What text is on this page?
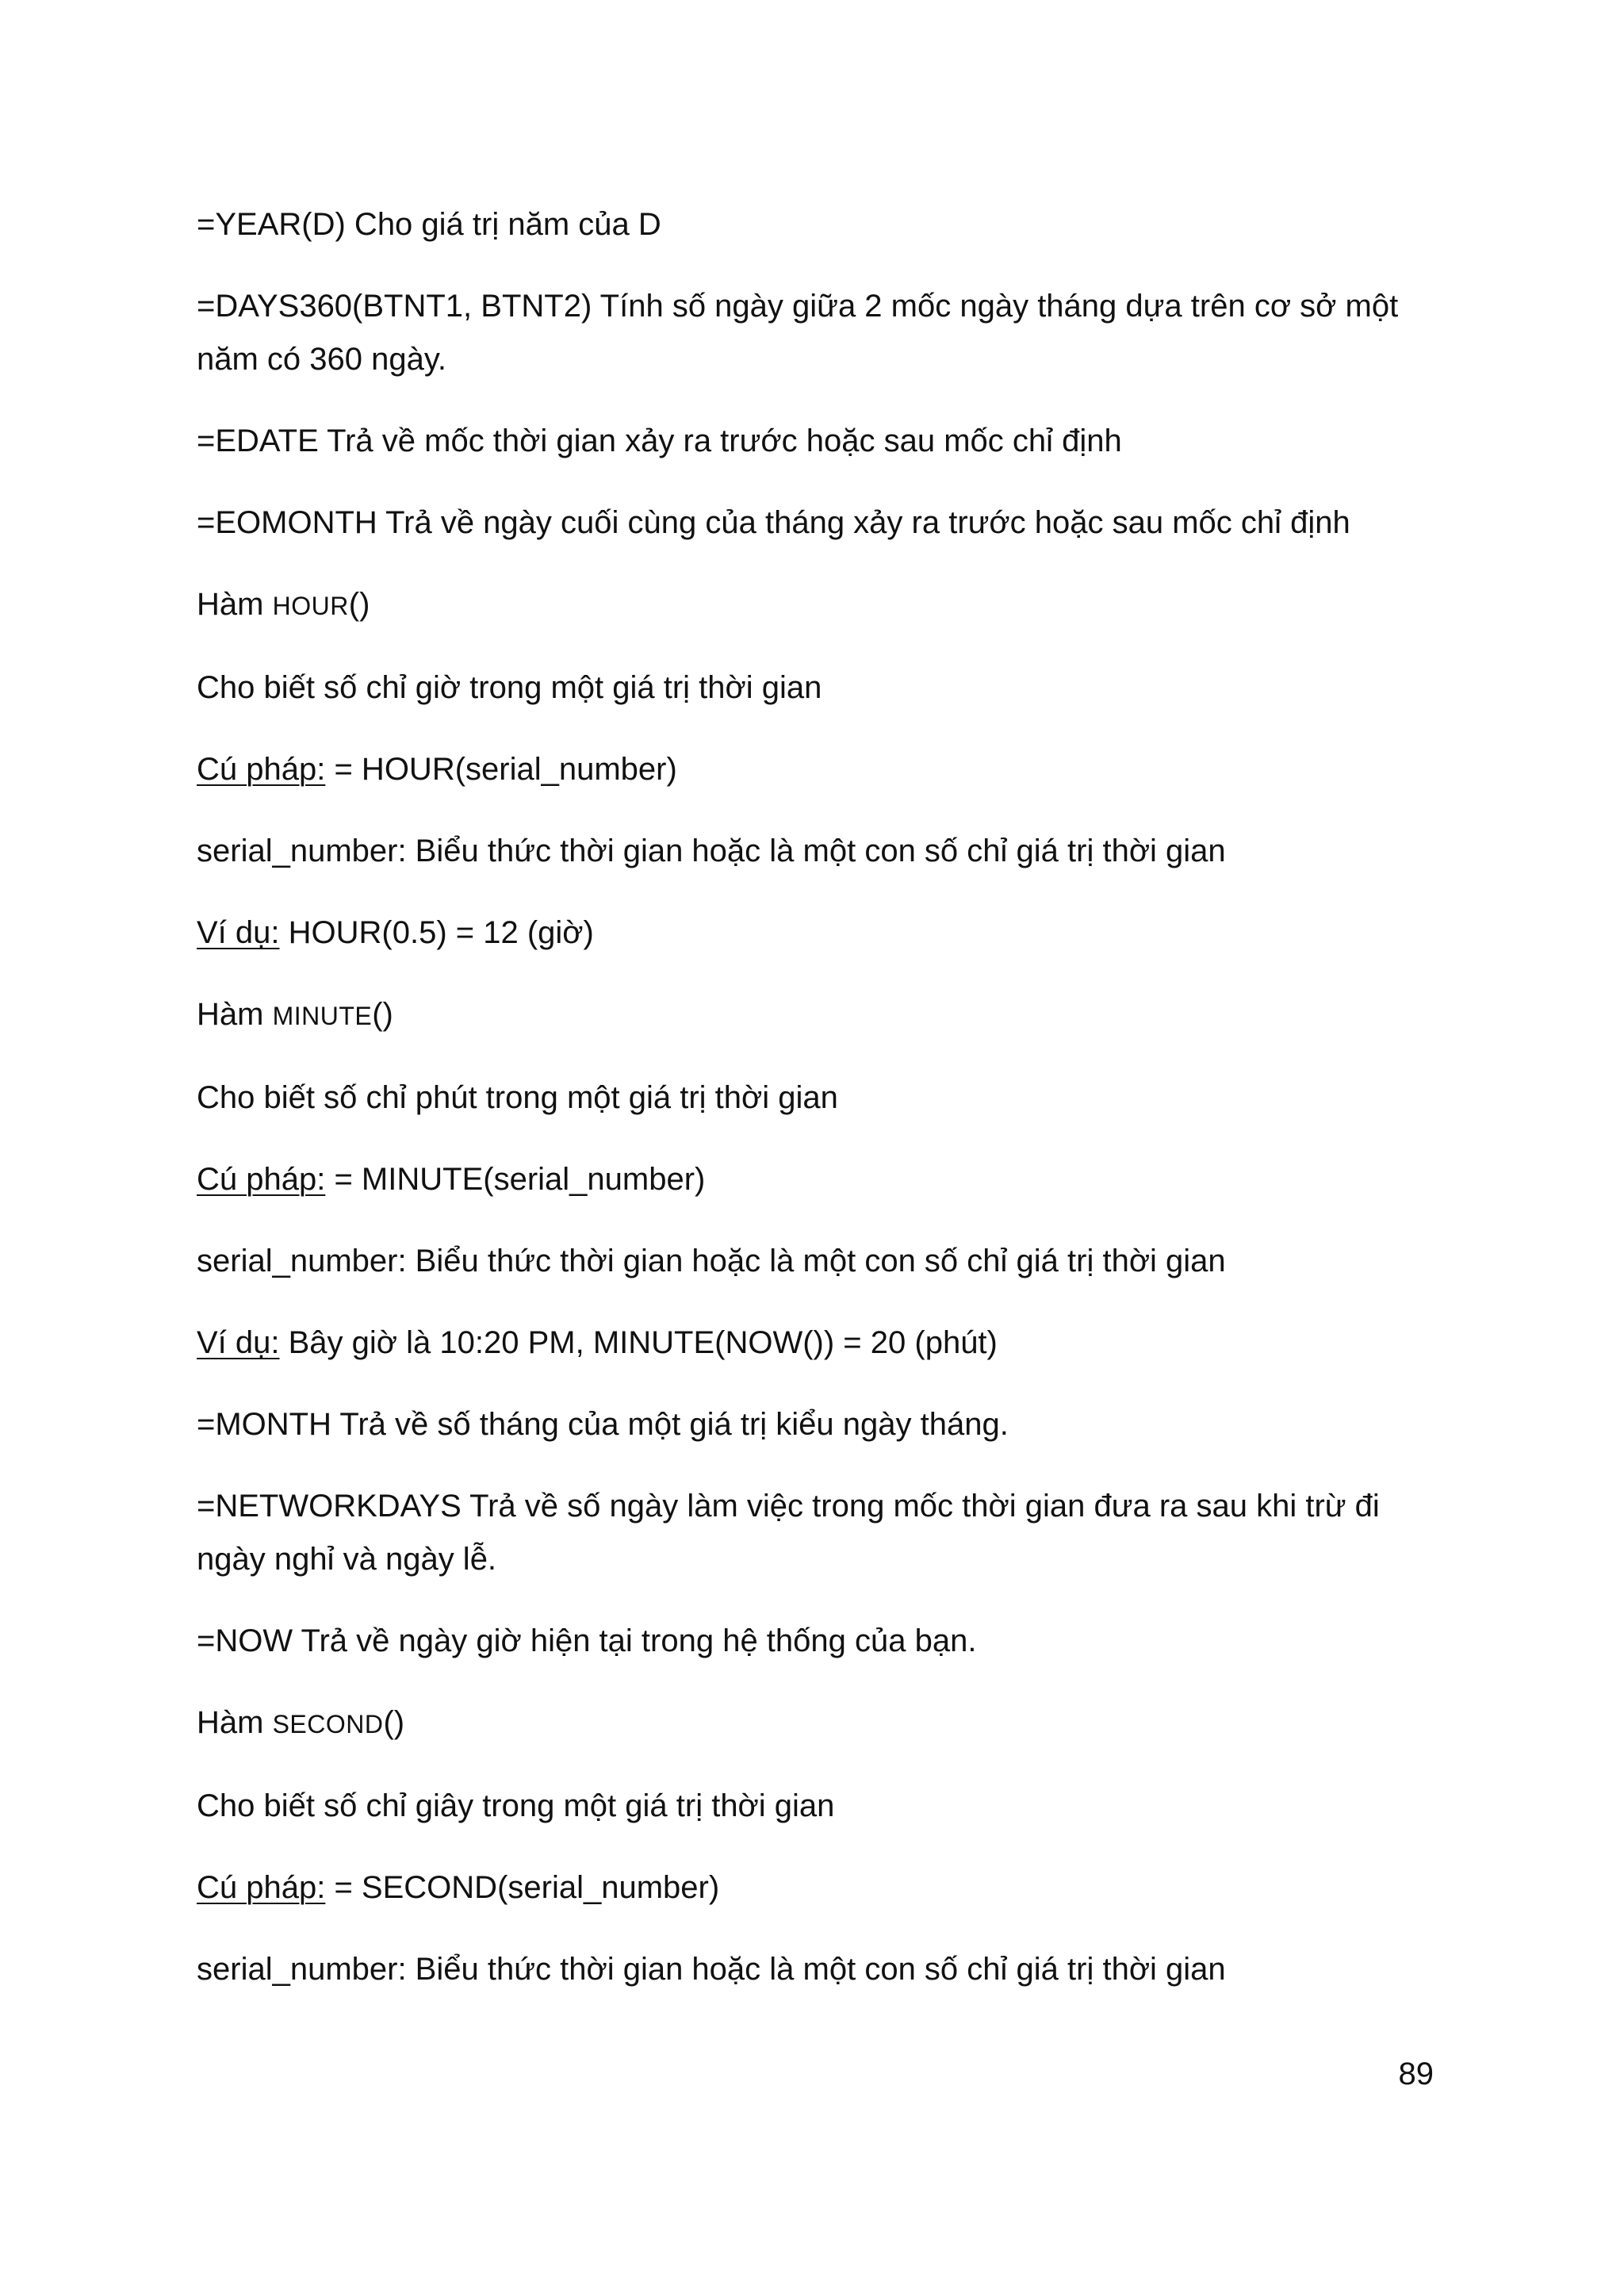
=YEAR(D) Cho giá trị năm của D

=DAYS360(BTNT1, BTNT2) Tính số ngày giữa 2 mốc ngày tháng dựa trên cơ sở một năm có 360 ngày.

=EDATE Trả về mốc thời gian xảy ra trước hoặc sau mốc chỉ định

=EOMONTH Trả về ngày cuối cùng của tháng xảy ra trước hoặc sau mốc chỉ định

Hàm HOUR()

Cho biết số chỉ giờ trong một giá trị thời gian

Cú pháp: = HOUR(serial_number)

serial_number: Biểu thức thời gian hoặc là một con số chỉ giá trị thời gian

Ví dụ: HOUR(0.5) = 12 (giờ)

Hàm MINUTE()

Cho biết số chỉ phút trong một giá trị thời gian

Cú pháp: = MINUTE(serial_number)

serial_number: Biểu thức thời gian hoặc là một con số chỉ giá trị thời gian

Ví dụ: Bây giờ là 10:20 PM, MINUTE(NOW()) = 20 (phút)

=MONTH Trả về số tháng của một giá trị kiểu ngày tháng.

=NETWORKDAYS Trả về số ngày làm việc trong mốc thời gian đưa ra sau khi trừ đi ngày nghỉ và ngày lễ.

=NOW Trả về ngày giờ hiện tại trong hệ thống của bạn.

Hàm SECOND()

Cho biết số chỉ giây trong một giá trị thời gian

Cú pháp: = SECOND(serial_number)

serial_number: Biểu thức thời gian hoặc là một con số chỉ giá trị thời gian

89
